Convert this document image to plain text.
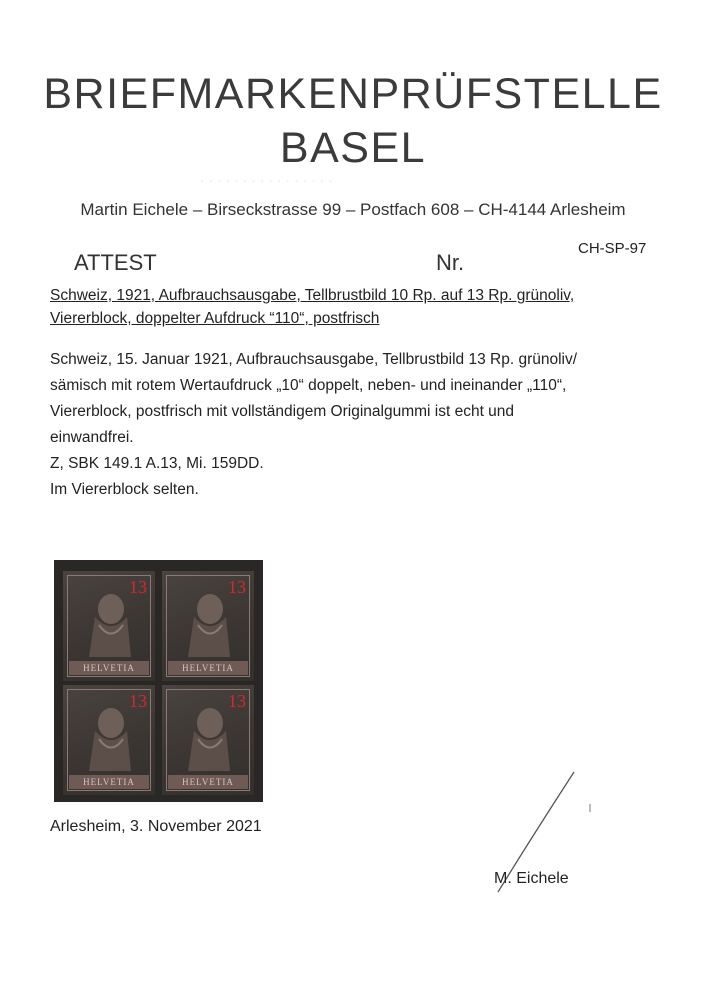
· · · · · · · · · · · · · · · ·
BRIEFMARKENPRÜFSTELLE
BASEL
Martin Eichele – Birseckstrasse 99 – Postfach 608 – CH-4144 Arlesheim
CH-SP-97
ATTEST	Nr.
Schweiz, 1921, Aufbrauchsausgabe, Tellbrustbild 10 Rp. auf 13 Rp. grünoliv,
Viererblock, doppelter Aufdruck “110“, postfrisch
Schweiz, 15. Januar 1921, Aufbrauchsausgabe, Tellbrustbild 13 Rp. grünoliv/
sämisch mit rotem Wertaufdruck „10“ doppelt, neben- und ineinander „110“,
Viererblock, postfrisch mit vollständigem Originalgummi ist echt und
einwandfrei.
Z, SBK 149.1 A.13, Mi. 159DD.
Im Viererblock selten.
13
HELVETIA
13
HELVETIA
13
HELVETIA
13
HELVETIA
Arlesheim, 3. November 2021
M. Eichele
